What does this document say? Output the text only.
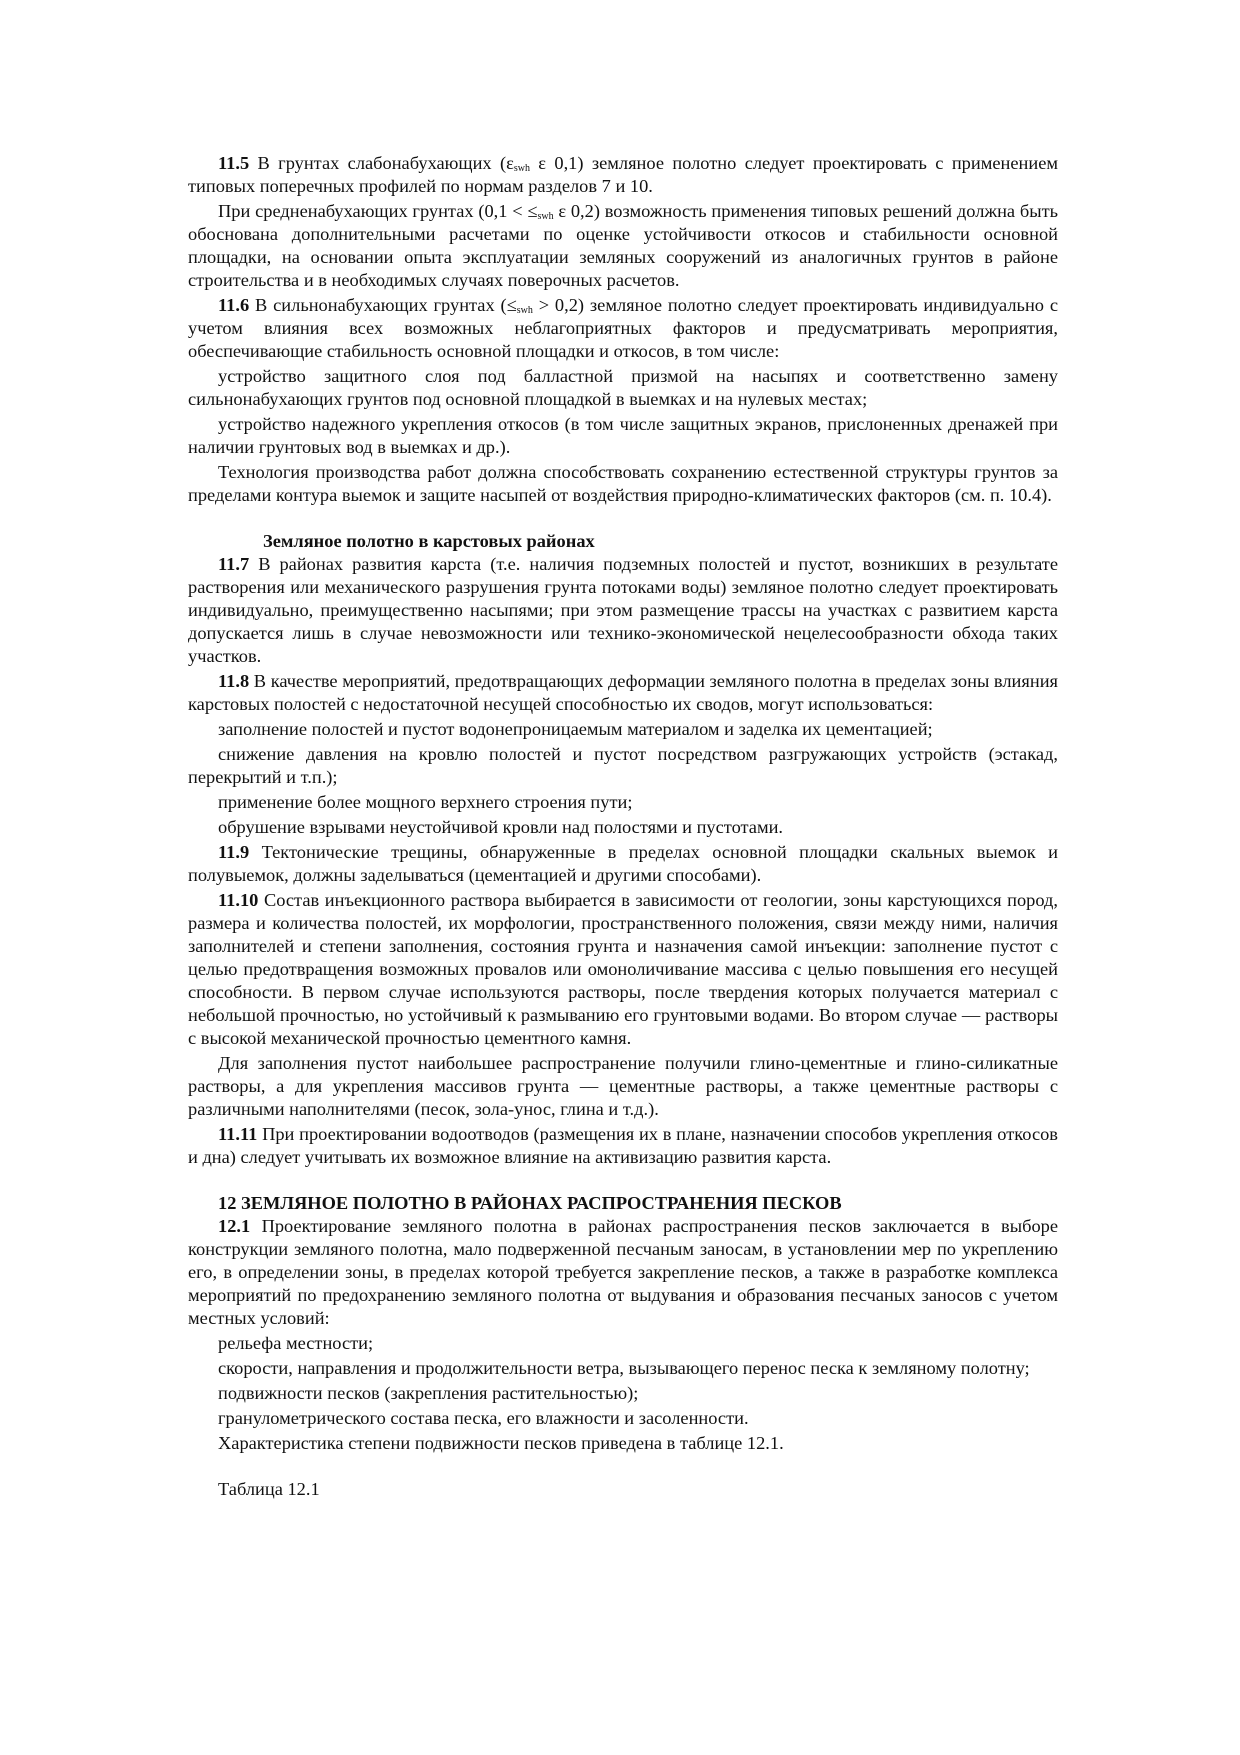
11.5 В грунтах слабонабухающих ($\varepsilon_{swh}$ ε 0,1) земляное полотно следует проектировать с применением типовых поперечных профилей по нормам разделов 7 и 10.

При средненабухающих грунтах ($0,1 < \le_{swh}$ ε 0,2) возможность применения типовых решений должна быть обоснована дополнительными расчетами по оценке устойчивости откосов и стабильности основной площадки, на основании опыта эксплуатации земляных сооружений из аналогичных грунтов в районе строительства и в необходимых случаях поверочных расчетов.

11.6 В сильнонабухающих грунтах $(\le_{swh} > 0,2)$ земляное полотно следует проектировать индивидуально с учетом влияния всех возможных неблагоприятных факторов и предусматривать мероприятия, обеспечивающие стабильность основной площадки и откосов, в том числе:

устройство защитного слоя под балластной призмой на насыпях и соответственно замену сильнонабухающих грунтов под основной площадкой в выемках и на нулевых местах;

устройство надежного укрепления откосов (в том числе защитных экранов, прислоненных дренажей при наличии грунтовых вод в выемках и др.).

Технология производства работ должна способствовать сохранению естественной структуры грунтов за пределами контура выемок и защите насыпей от воздействия природно-климатических факторов (см. п. 10.4).

Земляное полотно в карстовых районах

11.7 В районах развития карста (т.е. наличия подземных полостей и пустот, возникших в результате растворения или механического разрушения грунта потоками воды) земляное полотно следует проектировать индивидуально, преимущественно насыпями; при этом размещение трассы на участках с развитием карста допускается лишь в случае невозможности или технико-экономической нецелесообразности обхода таких участков.

11.8 В качестве мероприятий, предотвращающих деформации земляного полотна в пределах зоны влияния карстовых полостей с недостаточной несущей способностью их сводов, могут использоваться:

заполнение полостей и пустот водонепроницаемым материалом и заделка их цементацией;

снижение давления на кровлю полостей и пустот посредством разгружающих устройств (эстакад, перекрытий и т.п.);

применение более мощного верхнего строения пути;

обрушение взрывами неустойчивой кровли над полостями и пустотами.

11.9 Тектонические трещины, обнаруженные в пределах основной площадки скальных выемок и полувыемок, должны заделываться (цементацией и другими способами).

11.10 Состав инъекционного раствора выбирается в зависимости от геологии, зоны карстующихся пород, размера и количества полостей, их морфологии, пространственного положения, связи между ними, наличия заполнителей и степени заполнения, состояния грунта и назначения самой инъекции: заполнение пустот с целью предотвращения возможных провалов или омоноличивание массива с целью повышения его несущей способности. В первом случае используются растворы, после твердения которых получается материал с небольшой прочностью, но устойчивый к размыванию его грунтовыми водами. Во втором случае — растворы с высокой механической прочностью цементного камня.

Для заполнения пустот наибольшее распространение получили глино-цементные и глино-силикатные растворы, а для укрепления массивов грунта — цементные растворы, а также цементные растворы с различными наполнителями (песок, зола-унос, глина и т.д.).

11.11 При проектировании водоотводов (размещения их в плане, назначении способов укрепления откосов и дна) следует учитывать их возможное влияние на активизацию развития карста.

12 ЗЕМЛЯНОЕ ПОЛОТНО В РАЙОНАХ РАСПРОСТРАНЕНИЯ ПЕСКОВ

12.1 Проектирование земляного полотна в районах распространения песков заключается в выборе конструкции земляного полотна, мало подверженной песчаным заносам, в установлении мер по укреплению его, в определении зоны, в пределах которой требуется закрепление песков, а также в разработке комплекса мероприятий по предохранению земляного полотна от выдувания и образования песчаных заносов с учетом местных условий:

рельефа местности;

скорости, направления и продолжительности ветра, вызывающего перенос песка к земляному полотну;

подвижности песков (закрепления растительностью);

гранулометрического состава песка, его влажности и засоленности.

Характеристика степени подвижности песков приведена в таблице 12.1.

Таблица 12.1
